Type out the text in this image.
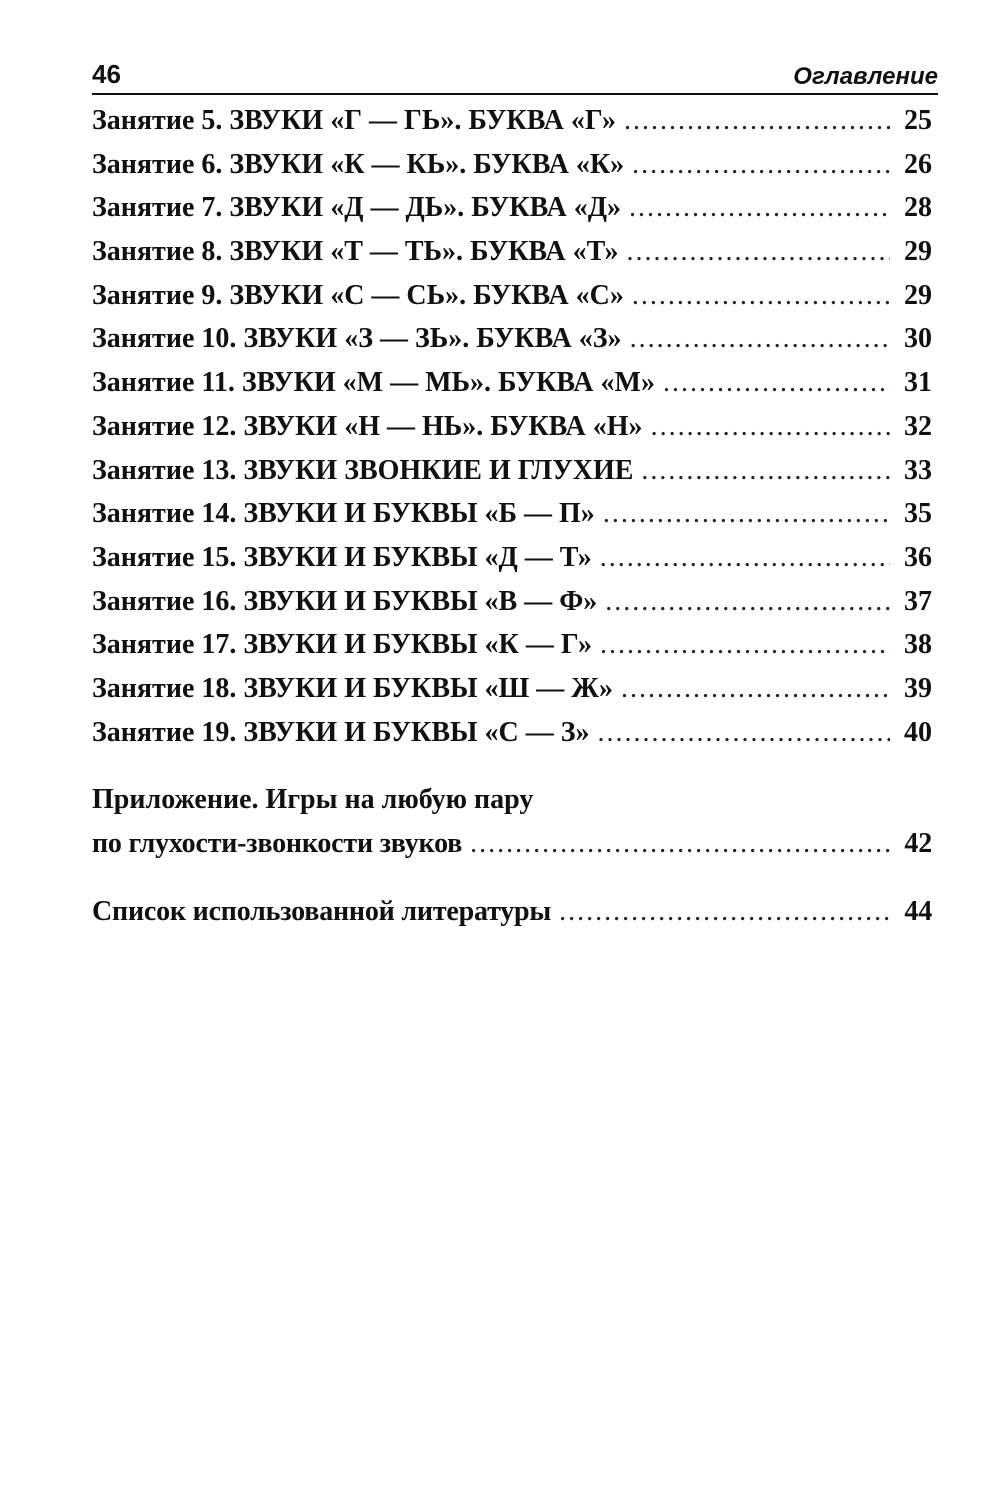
46	Оглавление
Занятие 5. ЗВУКИ «Г — ГЬ». БУКВА «Г» .....	25
Занятие 6. ЗВУКИ «К — КЬ». БУКВА «К» .....	26
Занятие 7. ЗВУКИ «Д — ДЬ». БУКВА «Д» .....	28
Занятие 8. ЗВУКИ «Т — ТЬ». БУКВА «Т» .....	29
Занятие 9. ЗВУКИ «С — СЬ». БУКВА «С» .....	29
Занятие 10. ЗВУКИ «З — ЗЬ». БУКВА «З» .....	30
Занятие 11. ЗВУКИ «М — МЬ». БУКВА «М» .....	31
Занятие 12. ЗВУКИ «Н — НЬ». БУКВА «Н» .....	32
Занятие 13. ЗВУКИ ЗВОНКИЕ И ГЛУХИЕ .....	33
Занятие 14. ЗВУКИ И БУКВЫ «Б — П» .....	35
Занятие 15. ЗВУКИ И БУКВЫ «Д — Т» .....	36
Занятие 16. ЗВУКИ И БУКВЫ «В — Ф» .....	37
Занятие 17. ЗВУКИ И БУКВЫ «К — Г» .....	38
Занятие 18. ЗВУКИ И БУКВЫ «Ш — Ж» .....	39
Занятие 19. ЗВУКИ И БУКВЫ «С — З» .....	40
Приложение. Игры на любую пару
по глухости-звонкости звуков .....	42
Список использованной литературы .....	44
